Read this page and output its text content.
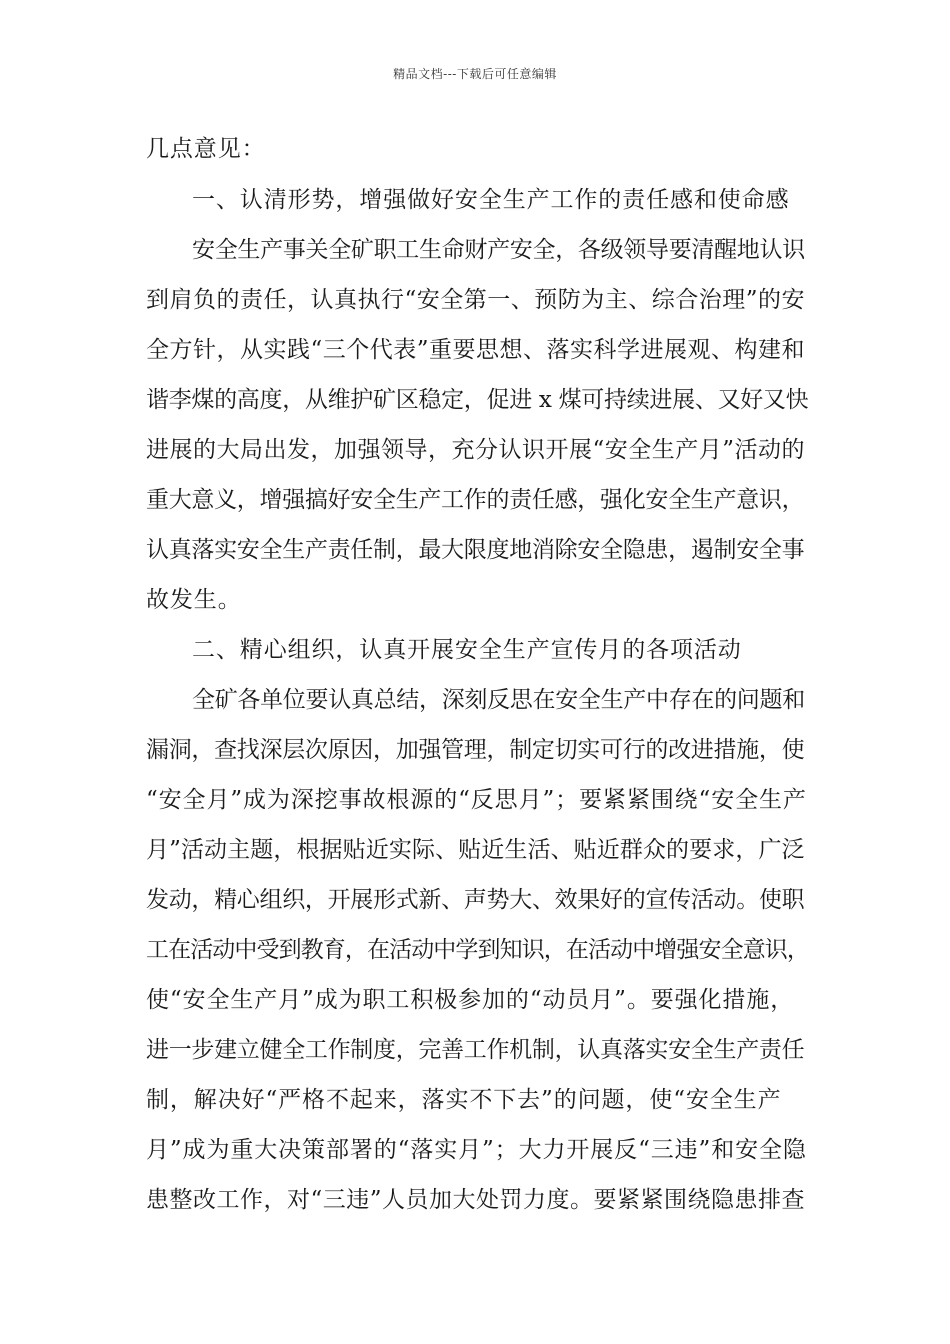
精品文档---下载后可任意编辑
几点意见：
一、认清形势，增强做好安全生产工作的责任感和使命感
安全生产事关全矿职工生命财产安全，各级领导要清醒地认识
到肩负的责任，认真执行“安全第一、预防为主、综合治理”的安
全方针，从实践“三个代表”重要思想、落实科学进展观、构建和
谐李煤的高度，从维护矿区稳定，促进 x 煤可持续进展、又好又快
进展的大局出发，加强领导，充分认识开展“安全生产月”活动的
重大意义，增强搞好安全生产工作的责任感，强化安全生产意识，
认真落实安全生产责任制，最大限度地消除安全隐患，遏制安全事
故发生。
二、精心组织，认真开展安全生产宣传月的各项活动
全矿各单位要认真总结，深刻反思在安全生产中存在的问题和
漏洞，查找深层次原因，加强管理，制定切实可行的改进措施，使
“安全月”成为深挖事故根源的“反思月”；要紧紧围绕“安全生产
月”活动主题，根据贴近实际、贴近生活、贴近群众的要求，广泛
发动，精心组织，开展形式新、声势大、效果好的宣传活动。使职
工在活动中受到教育，在活动中学到知识，在活动中增强安全意识，
使“安全生产月”成为职工积极参加的“动员月”。要强化措施，
进一步建立健全工作制度，完善工作机制，认真落实安全生产责任
制，解决好“严格不起来，落实不下去”的问题，使“安全生产
月”成为重大决策部署的“落实月”；大力开展反“三违”和安全隐
患整改工作，对“三违”人员加大处罚力度。要紧紧围绕隐患排查
